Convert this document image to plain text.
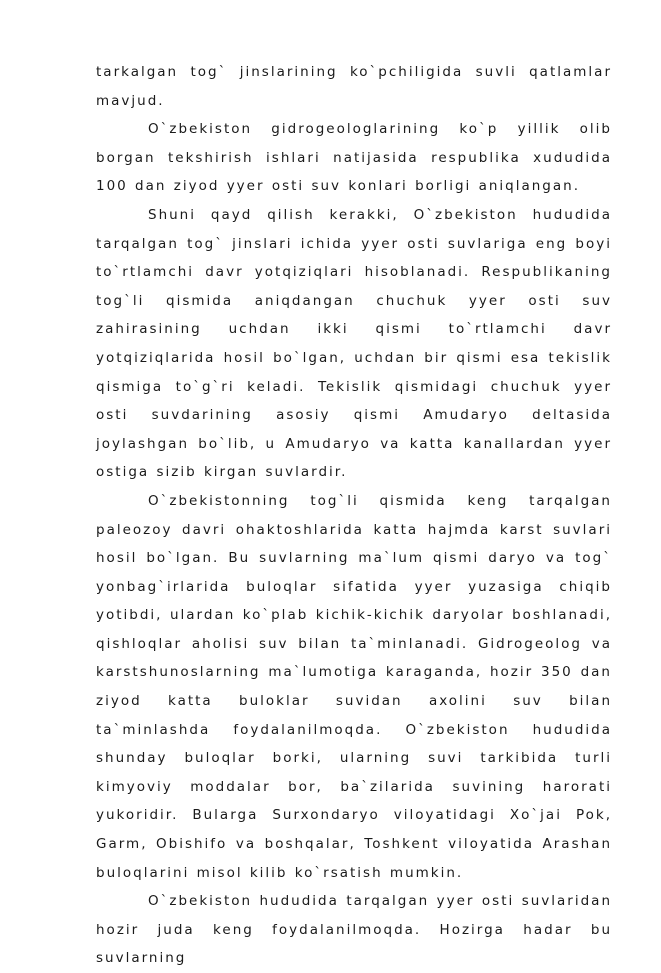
tarkalgan tog` jinslarining ko`pchiligida suvli qatlamlar mavjud.

O`zbekiston gidrogeologlarining ko`p yillik olib borgan tekshirish ishlari natijasida respublika xududida 100 dan ziyod yyer osti suv konlari borligi aniqlangan.

Shuni qayd qilish kerakki, O`zbekiston hududida tarqalgan tog` jinslari ichida yyer osti suvlariga eng boyi to`rtlamchi davr yotqiziqlari hisoblanadi. Respublikaning tog`li qismida aniqdangan chuchuk yyer osti suv zahirasining uchdan ikki qismi to`rtlamchi davr yotqiziqlarida hosil bo`lgan, uchdan bir qismi esa tekislik qismiga to`g`ri keladi. Tekislik qismidagi chuchuk yyer osti suvdarining asosiy qismi Amudaryo deltasida joylashgan bo`lib, u Amudaryo va katta kanallardan yyer ostiga sizib kirgan suvlardir.

O`zbekistonning tog`li qismida keng tarqalgan paleozoy davri ohaktoshlarida katta hajmda karst suvlari hosil bo`lgan. Bu suvlarning ma`lum qismi daryo va tog` yonbag`irlarida buloqlar sifatida yyer yuzasiga chiqib yotibdi, ulardan ko`plab kichik-kichik daryolar boshlanadi, qishloqlar aholisi suv bilan ta`minlanadi. Gidrogeolog va karstshunoslarning ma`lumotiga karaganda, hozir 350 dan ziyod katta buloklar suvidan axolini suv bilan ta`minlashda foydalanilmoqda. O`zbekiston hududida shunday buloqlar borki, ularning suvi tarkibida turli kimyoviy moddalar bor, ba`zilarida suvining harorati yukoridir. Bularga Surxondaryo viloyatidagi Xo`jai Pok, Garm, Obishifo va boshqalar, Toshkent viloyatida Arashan buloqlarini misol kilib ko`rsatish mumkin.

O`zbekiston hududida tarqalgan yyer osti suvlaridan hozir juda keng foydalanilmoqda. Hozirga hadar bu suvlarning
